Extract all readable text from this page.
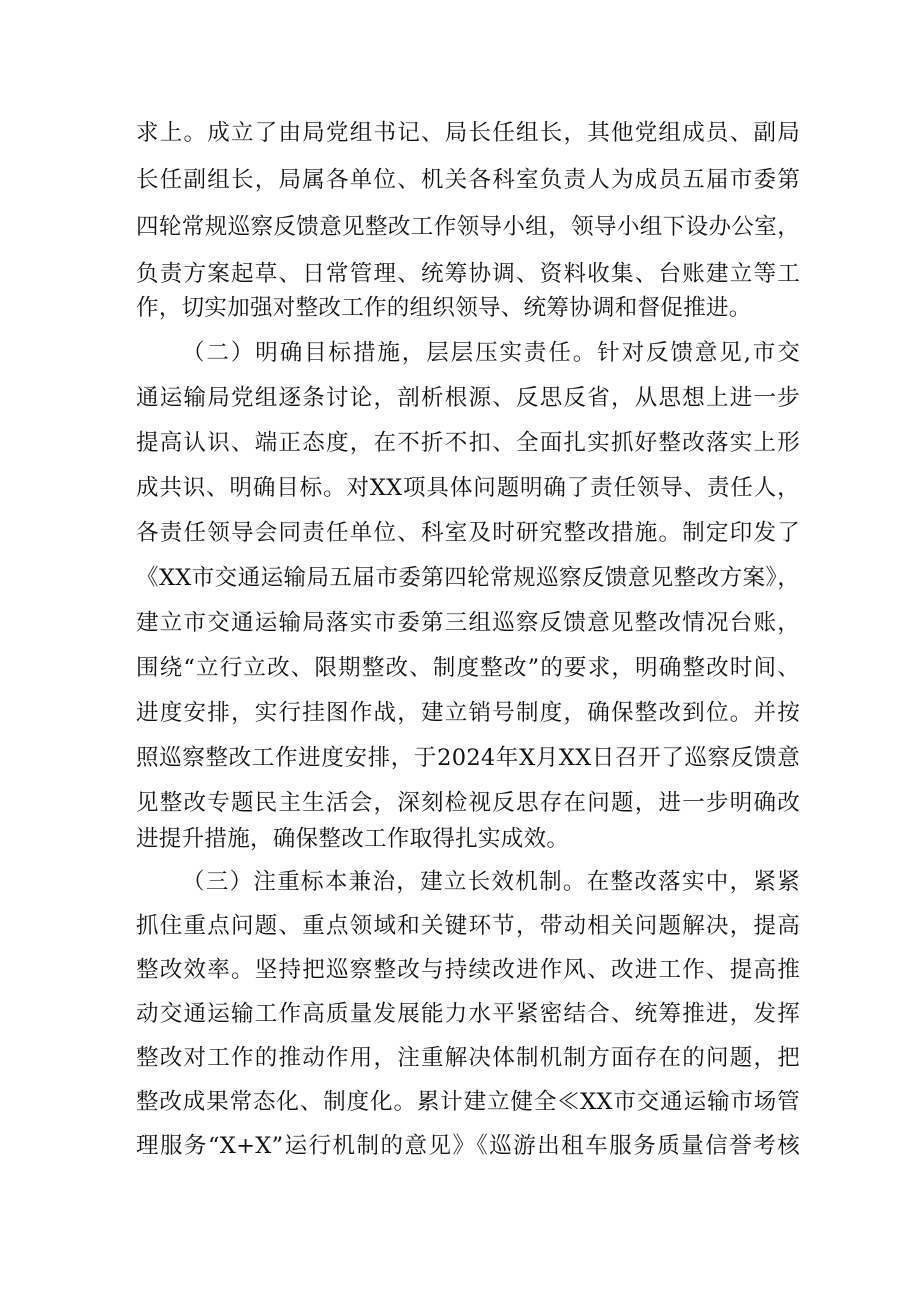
求上。成立了由局党组书记、局长任组长，其他党组成员、副局
长任副组长，局属各单位、机关各科室负责人为成员五届市委第
四轮常规巡察反馈意见整改工作领导小组，领导小组下设办公室，
负责方案起草、日常管理、统筹协调、资料收集、台账建立等工
作，切实加强对整改工作的组织领导、统筹协调和督促推进。
（二）明确目标措施，层层压实责任。针对反馈意见,市交
通运输局党组逐条讨论，剖析根源、反思反省，从思想上进一步
提高认识、端正态度，在不折不扣、全面扎实抓好整改落实上形
成共识、明确目标。对XX项具体问题明确了责任领导、责任人，
各责任领导会同责任单位、科室及时研究整改措施。制定印发了
《XX市交通运输局五届市委第四轮常规巡察反馈意见整改方案》，
建立市交通运输局落实市委第三组巡察反馈意见整改情况台账，
围绕“立行立改、限期整改、制度整改”的要求，明确整改时间、
进度安排，实行挂图作战，建立销号制度，确保整改到位。并按
照巡察整改工作进度安排，于2024年X月XX日召开了巡察反馈意
见整改专题民主生活会，深刻检视反思存在问题，进一步明确改
进提升措施，确保整改工作取得扎实成效。
（三）注重标本兼治，建立长效机制。在整改落实中，紧紧
抓住重点问题、重点领域和关键环节，带动相关问题解决，提高
整改效率。坚持把巡察整改与持续改进作风、改进工作、提高推
动交通运输工作高质量发展能力水平紧密结合、统筹推进，发挥
整改对工作的推动作用，注重解决体制机制方面存在的问题，把
整改成果常态化、制度化。累计建立健全≪XX市交通运输市场管
理服务“X+X”运行机制的意见》《巡游出租车服务质量信誉考核
